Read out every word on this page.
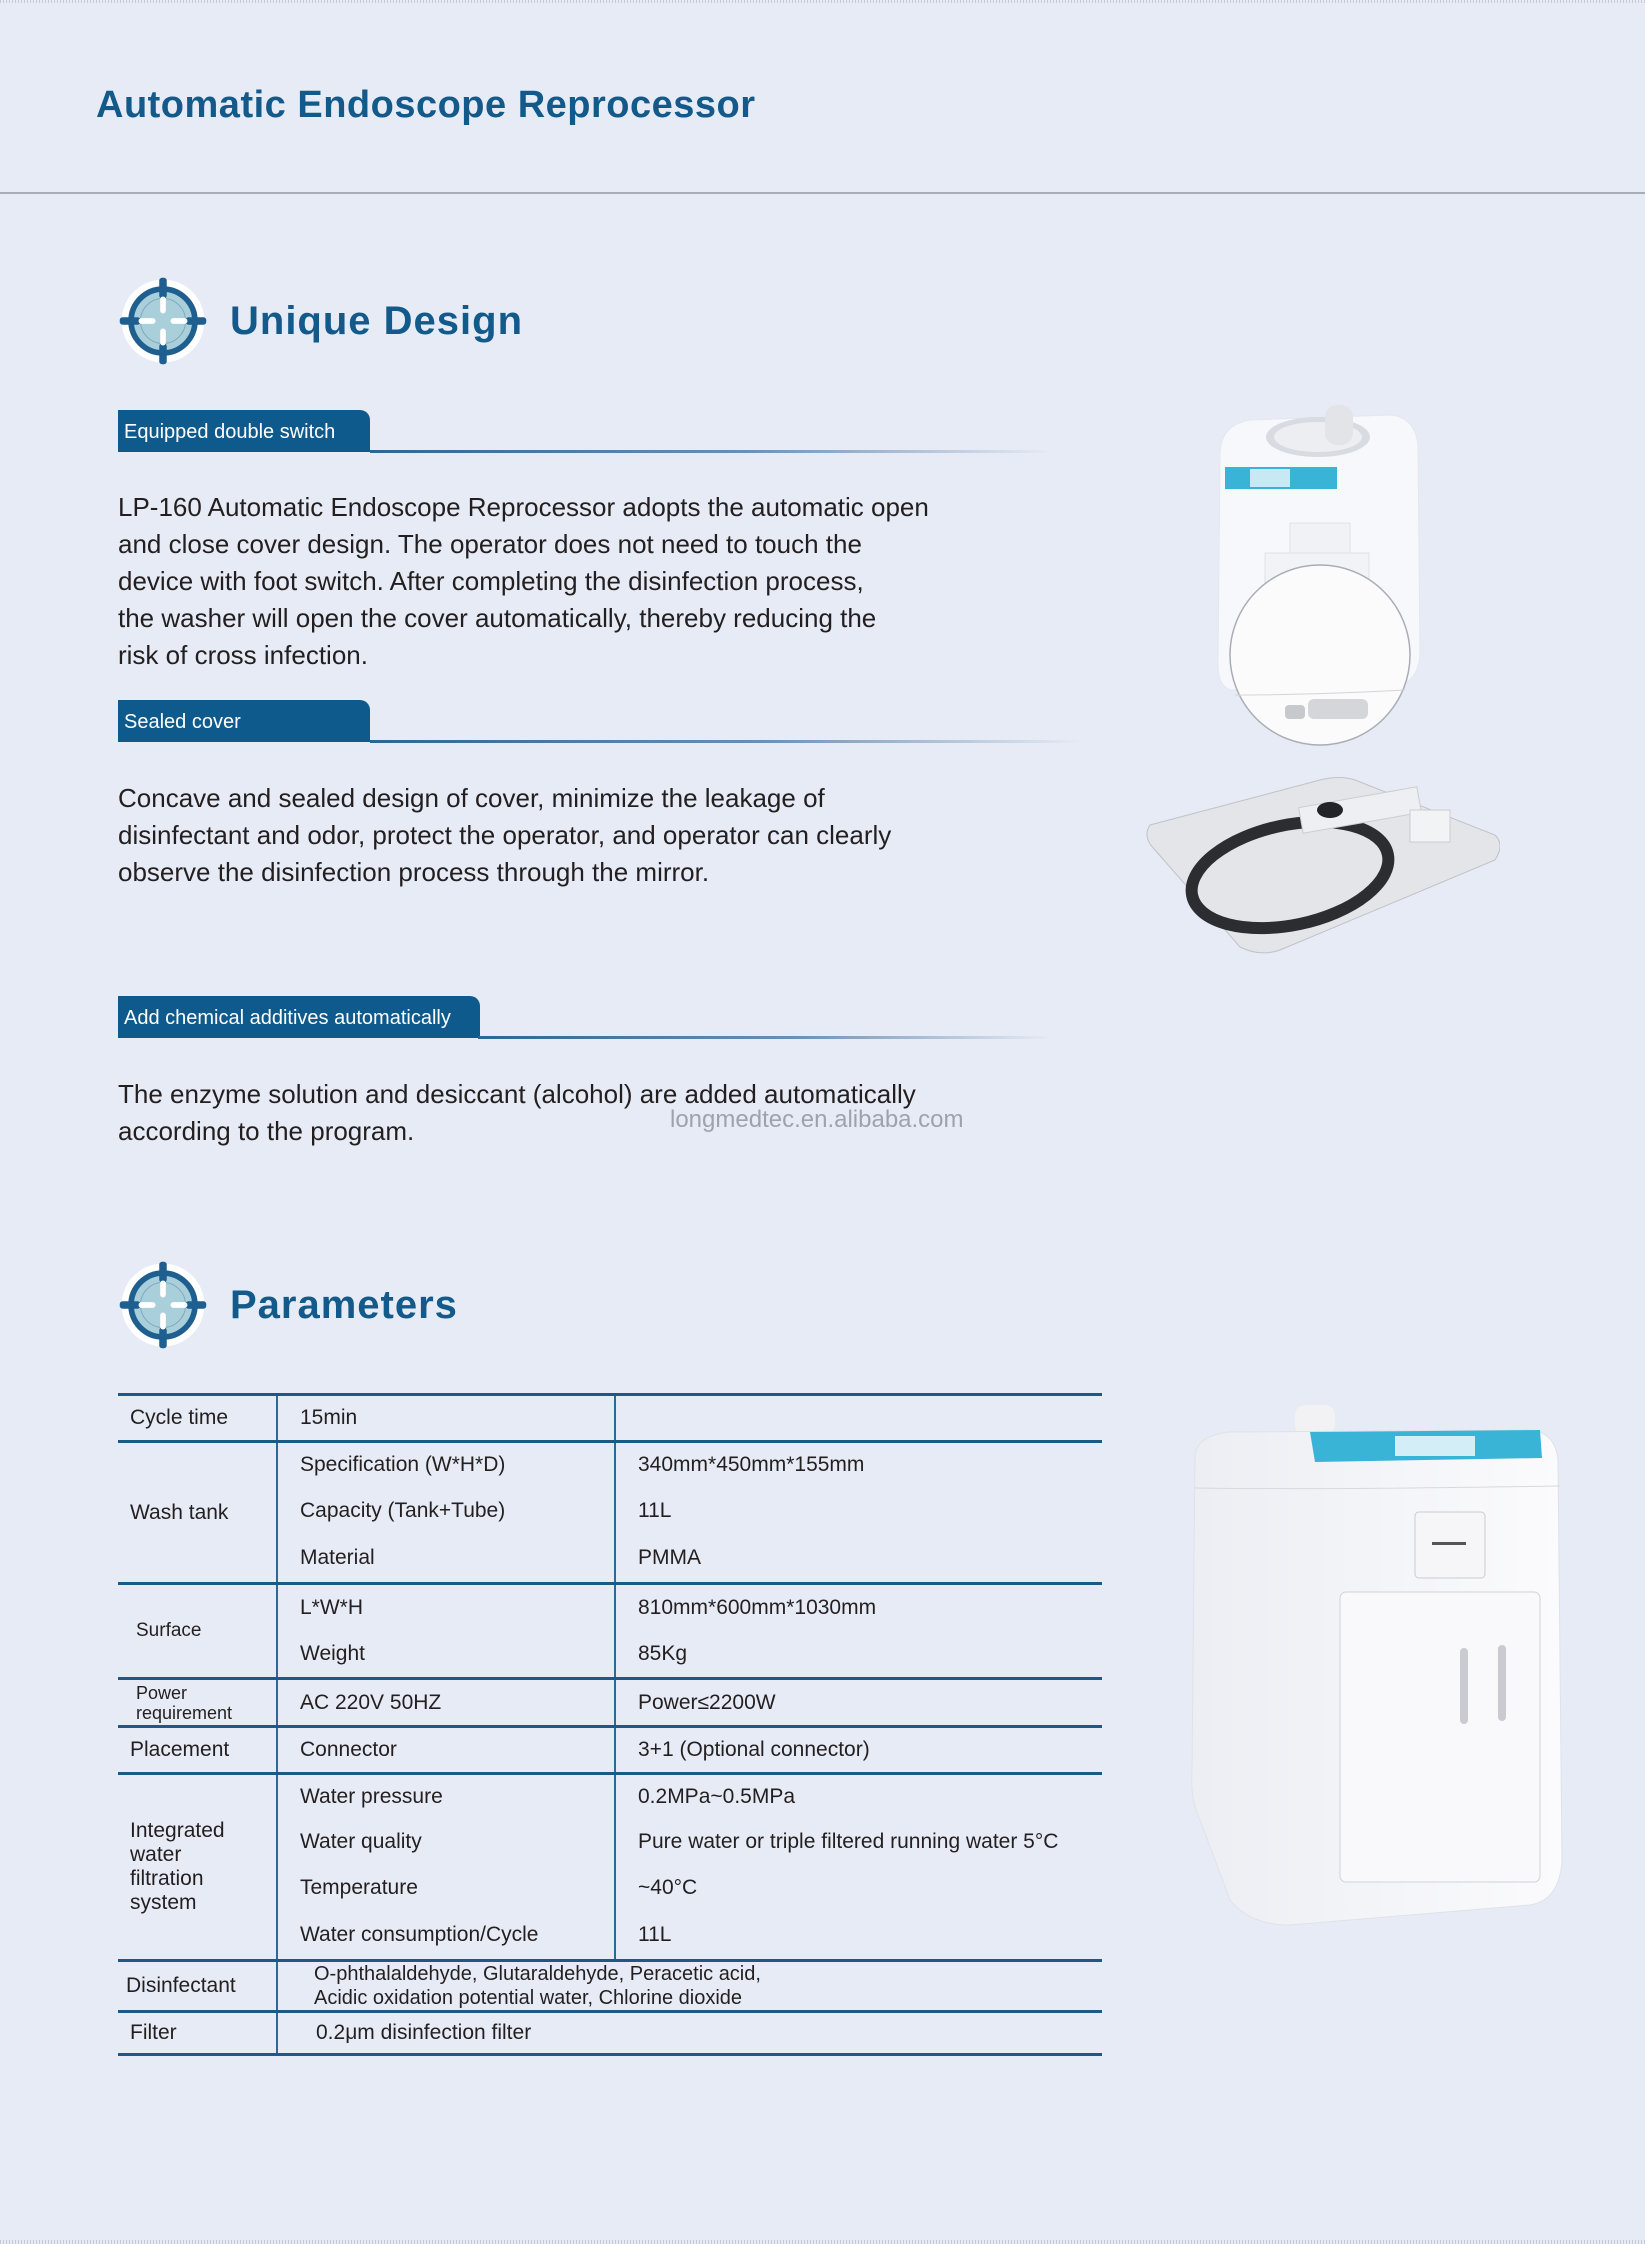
Automatic Endoscope Reprocessor
Unique Design
Equipped double switch

LP-160 Automatic Endoscope Reprocessor adopts the automatic open
and close cover design. The operator does not need to touch the
device with foot switch. After completing the disinfection process,
the washer will open the cover automatically, thereby reducing the
risk of cross infection.

Sealed cover

Concave and sealed design of cover, minimize the leakage of
disinfectant and odor, protect the operator, and operator can clearly
observe the disinfection process through the mirror.

Add chemical additives automatically

The enzyme solution and desiccant (alcohol) are added automatically
according to the program.	longmedtec.en.alibaba.com
Parameters
Cycle time	15min	
Wash tank	Specification (W*H*D)	340mm*450mm*155mm
	Capacity (Tank+Tube)	11L
	Material	PMMA
Surface	L*W*H	810mm*600mm*1030mm
	Weight	85Kg
Power requirement	AC 220V 50HZ	Power≤2200W
Placement	Connector	3+1 (Optional connector)
Integrated
water
filtration
system	Water pressure	0.2MPa~0.5MPa
	Water quality	Pure water or triple filtered running water 5°C
	Temperature	~40°C
	Water consumption/Cycle	11L
Disinfectant	O-phthalaldehyde, Glutaraldehyde, Peracetic acid,
Acidic oxidation potential water, Chlorine dioxide	
Filter	0.2μm disinfection filter	
